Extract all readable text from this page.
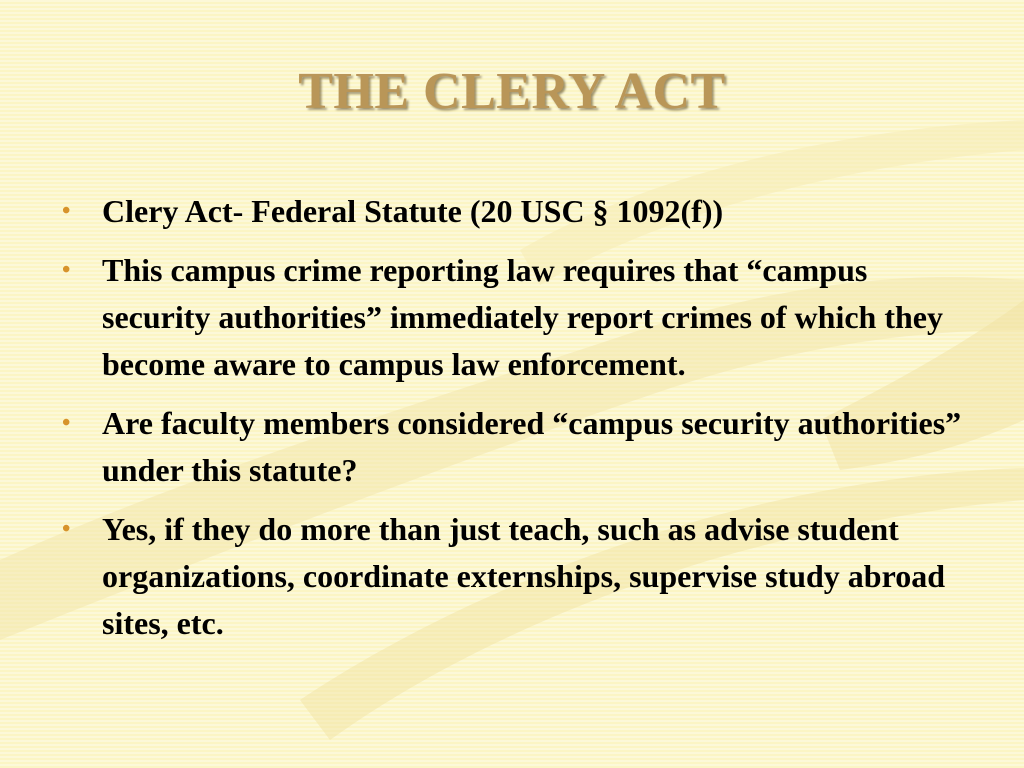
THE CLERY ACT
• Clery Act- Federal Statute (20 USC § 1092(f))
• This campus crime reporting law requires that “campus security authorities” immediately report crimes of which they become aware to campus law enforcement.
• Are faculty members considered “campus security authorities” under this statute?
• Yes, if they do more than just teach, such as advise student organizations, coordinate externships, supervise study abroad sites, etc.
